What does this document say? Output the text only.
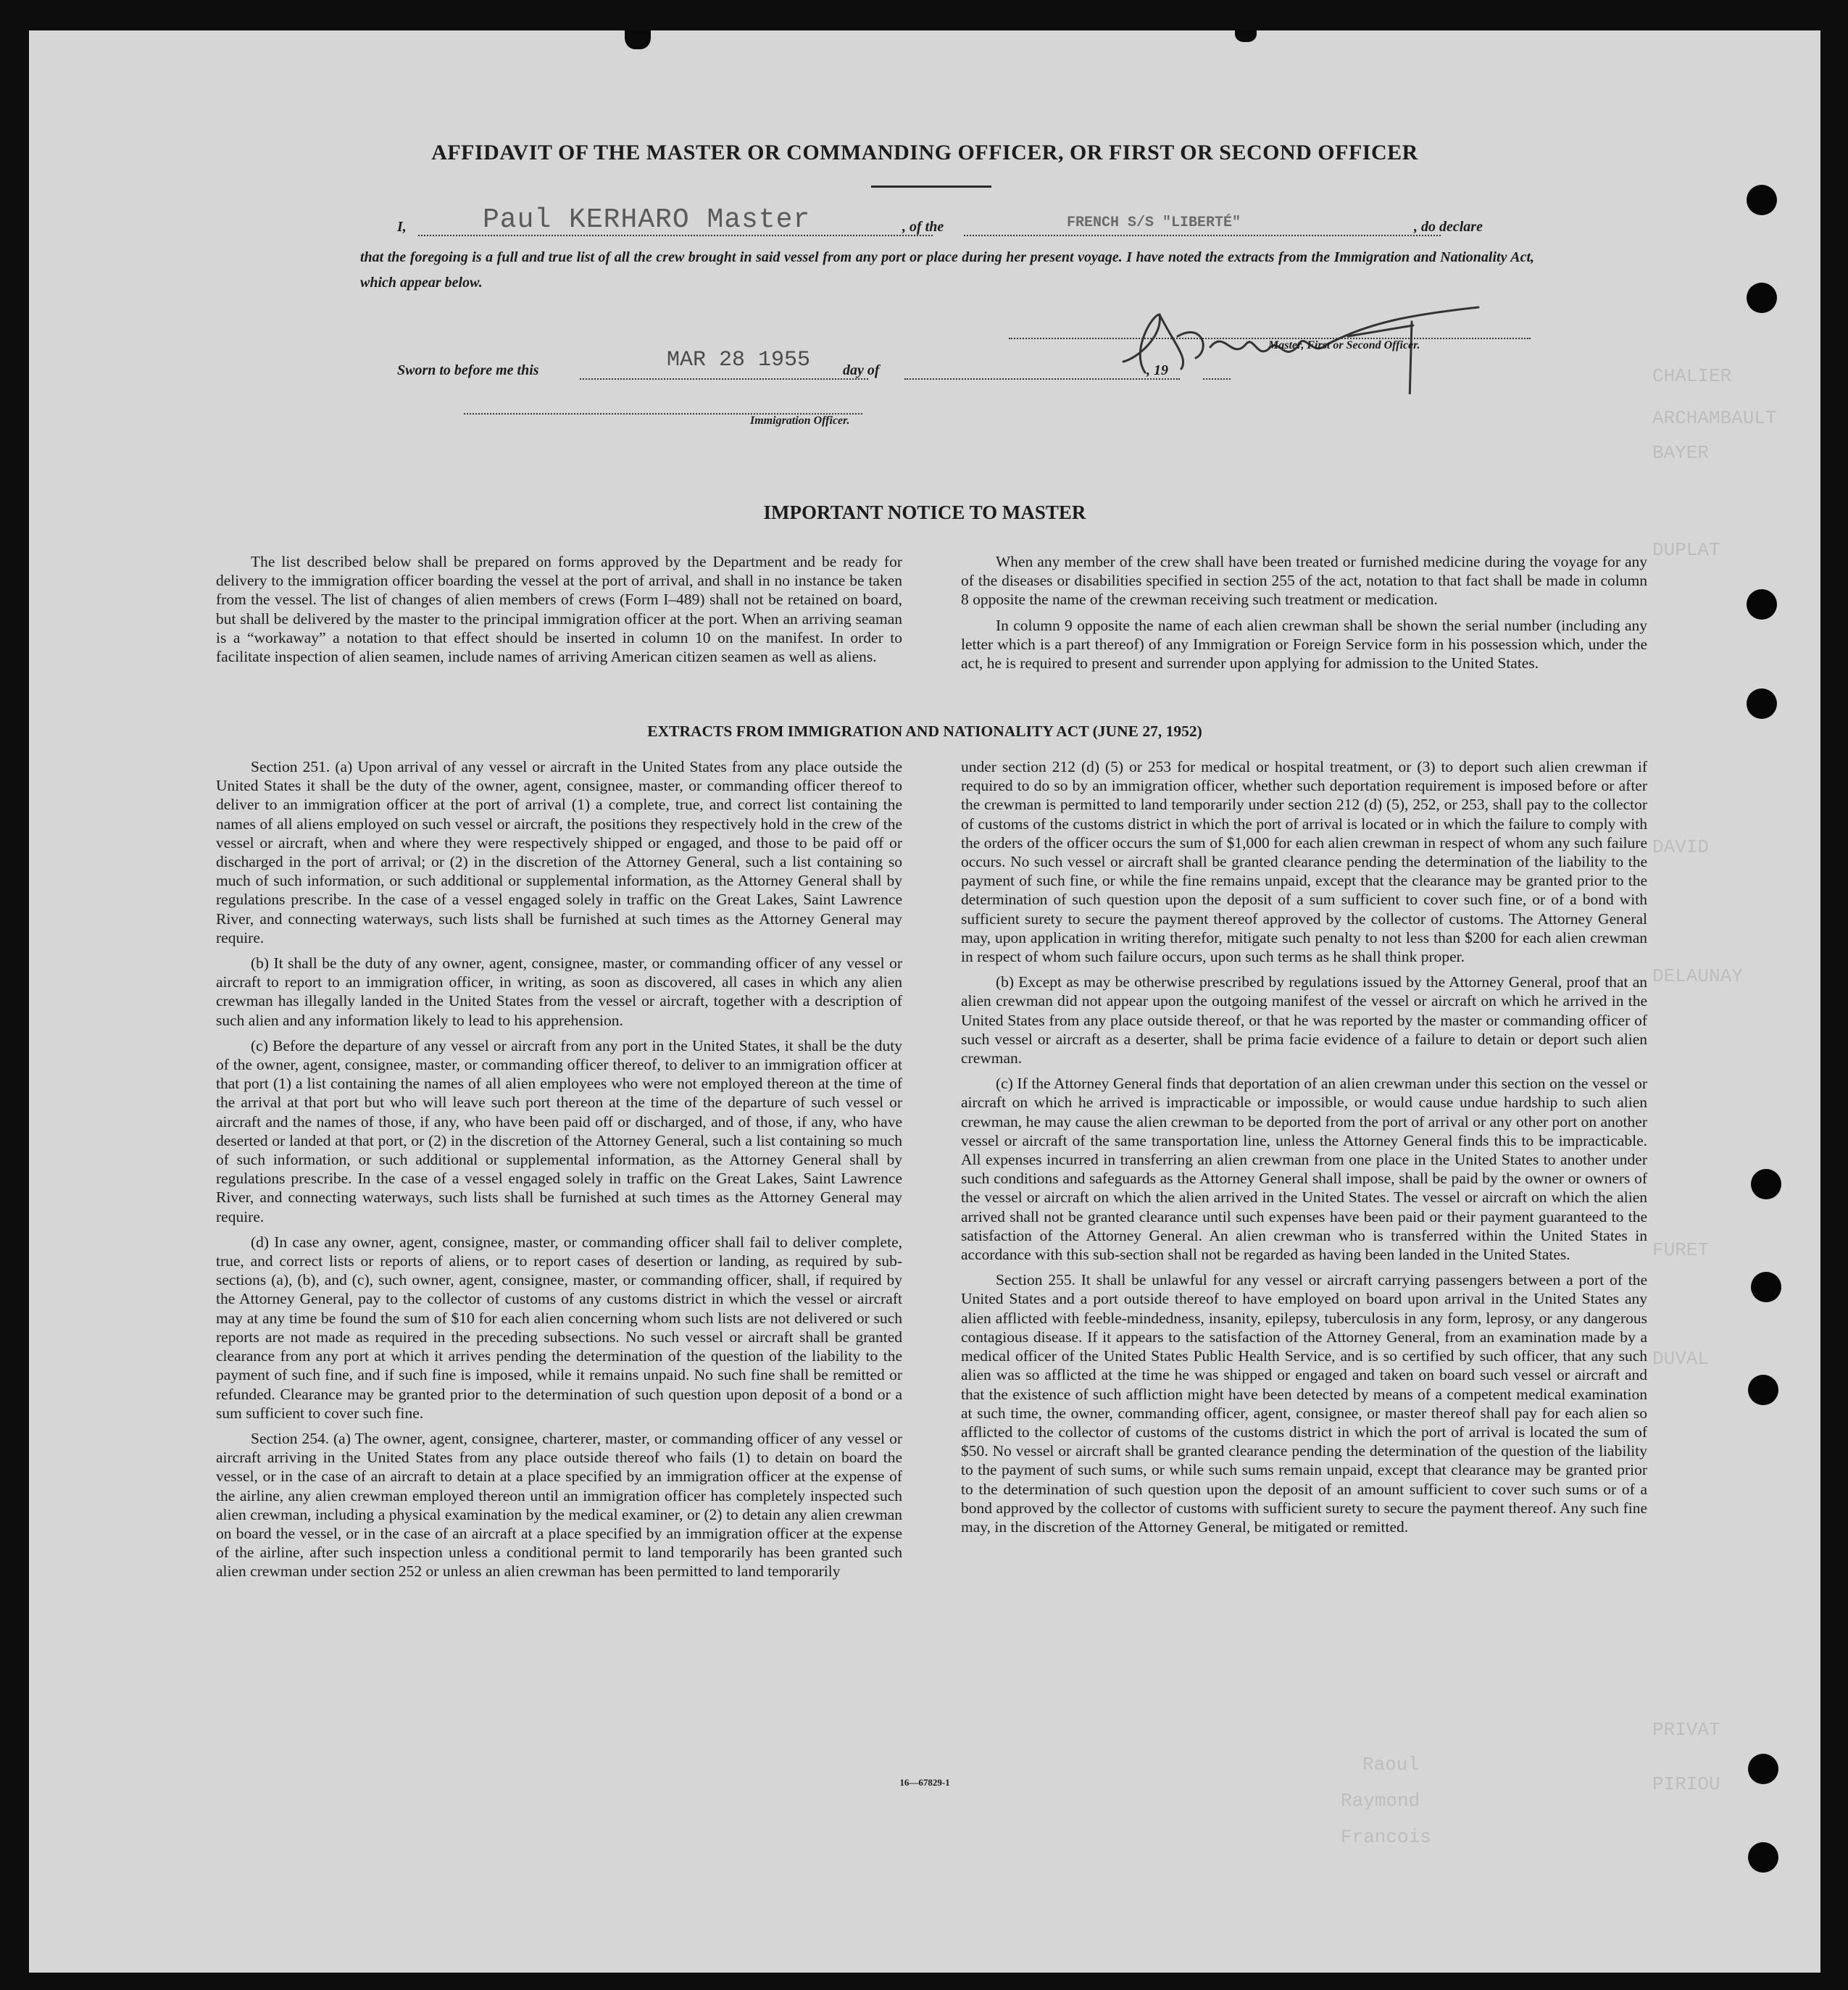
CHALIER
ARCHAMBAULT
BAYER
DUPLAT
DAVID
DELAUNAY
FURET
DUVAL
PRIVAT
PIRIOU
Raoul
Raymond
Francois
AFFIDAVIT OF THE MASTER OR COMMANDING OFFICER, OR FIRST OR SECOND OFFICER
I,	Paul KERHARO Master	, of the	FRENCH S/S "LIBERTÉ"	, do declare

that the foregoing is a full and true list of all the crew brought in said vessel from any port or place during her present voyage. I have noted the extracts from the Immigration and Nationality Act, which appear below.

Master, First or Second Officer.
Sworn to before me this	MAR 28 1955 day of	, 19
Immigration Officer.
IMPORTANT NOTICE TO MASTER

The list described below shall be prepared on forms approved by the Department and be ready for delivery to the immigration officer boarding the vessel at the port of arrival, and shall in no instance be taken from the vessel. The list of changes of alien members of crews (Form I–489) shall not be retained on board, but shall be delivered by the master to the principal immigration officer at the port. When an arriving seaman is a “workaway” a notation to that effect should be inserted in column 10 on the manifest. In order to facilitate inspection of alien seamen, include names of arriving American citizen seamen as well as aliens.

When any member of the crew shall have been treated or furnished medicine during the voyage for any of the diseases or disabilities specified in section 255 of the act, notation to that fact shall be made in column 8 opposite the name of the crewman receiving such treatment or medication.

In column 9 opposite the name of each alien crewman shall be shown the serial number (including any letter which is a part thereof) of any Immigration or Foreign Service form in his possession which, under the act, he is required to present and surrender upon applying for admission to the United States.

EXTRACTS FROM IMMIGRATION AND NATIONALITY ACT (JUNE 27, 1952)

Section 251. (a) Upon arrival of any vessel or aircraft in the United States from any place outside the United States it shall be the duty of the owner, agent, consignee, master, or commanding officer thereof to deliver to an immigration officer at the port of arrival (1) a complete, true, and correct list containing the names of all aliens employed on such vessel or aircraft, the positions they respectively hold in the crew of the vessel or aircraft, when and where they were respectively shipped or engaged, and those to be paid off or discharged in the port of arrival; or (2) in the discretion of the Attorney General, such a list containing so much of such information, or such additional or supplemental information, as the Attorney General shall by regulations prescribe. In the case of a vessel engaged solely in traffic on the Great Lakes, Saint Lawrence River, and connecting waterways, such lists shall be furnished at such times as the Attorney General may require.

(b) It shall be the duty of any owner, agent, consignee, master, or commanding officer of any vessel or aircraft to report to an immigration officer, in writing, as soon as discovered, all cases in which any alien crewman has illegally landed in the United States from the vessel or aircraft, together with a description of such alien and any information likely to lead to his apprehension.

(c) Before the departure of any vessel or aircraft from any port in the United States, it shall be the duty of the owner, agent, consignee, master, or commanding officer thereof, to deliver to an immigration officer at that port (1) a list containing the names of all alien employees who were not employed thereon at the time of the arrival at that port but who will leave such port thereon at the time of the departure of such vessel or aircraft and the names of those, if any, who have been paid off or discharged, and of those, if any, who have deserted or landed at that port, or (2) in the discretion of the Attorney General, such a list containing so much of such information, or such additional or supplemental information, as the Attorney General shall by regulations prescribe. In the case of a vessel engaged solely in traffic on the Great Lakes, Saint Lawrence River, and connecting waterways, such lists shall be furnished at such times as the Attorney General may require.

(d) In case any owner, agent, consignee, master, or commanding officer shall fail to deliver complete, true, and correct lists or reports of aliens, or to report cases of desertion or landing, as required by sub-sections (a), (b), and (c), such owner, agent, consignee, master, or commanding officer, shall, if required by the Attorney General, pay to the collector of customs of any customs district in which the vessel or aircraft may at any time be found the sum of $10 for each alien concerning whom such lists are not delivered or such reports are not made as required in the preceding subsections. No such vessel or aircraft shall be granted clearance from any port at which it arrives pending the determination of the question of the liability to the payment of such fine, and if such fine is imposed, while it remains unpaid. No such fine shall be remitted or refunded. Clearance may be granted prior to the determination of such question upon deposit of a bond or a sum sufficient to cover such fine.

Section 254. (a) The owner, agent, consignee, charterer, master, or commanding officer of any vessel or aircraft arriving in the United States from any place outside thereof who fails (1) to detain on board the vessel, or in the case of an aircraft to detain at a place specified by an immigration officer at the expense of the airline, any alien crewman employed thereon until an immigration officer has completely inspected such alien crewman, including a physical examination by the medical examiner, or (2) to detain any alien crewman on board the vessel, or in the case of an aircraft at a place specified by an immigration officer at the expense of the airline, after such inspection unless a conditional permit to land temporarily has been granted such alien crewman under section 252 or unless an alien crewman has been permitted to land temporarily

under section 212 (d) (5) or 253 for medical or hospital treatment, or (3) to deport such alien crewman if required to do so by an immigration officer, whether such deportation requirement is imposed before or after the crewman is permitted to land temporarily under section 212 (d) (5), 252, or 253, shall pay to the collector of customs of the customs district in which the port of arrival is located or in which the failure to comply with the orders of the officer occurs the sum of $1,000 for each alien crewman in respect of whom any such failure occurs. No such vessel or aircraft shall be granted clearance pending the determination of the liability to the payment of such fine, or while the fine remains unpaid, except that the clearance may be granted prior to the determination of such question upon the deposit of a sum sufficient to cover such fine, or of a bond with sufficient surety to secure the payment thereof approved by the collector of customs. The Attorney General may, upon application in writing therefor, mitigate such penalty to not less than $200 for each alien crewman in respect of whom such failure occurs, upon such terms as he shall think proper.

(b) Except as may be otherwise prescribed by regulations issued by the Attorney General, proof that an alien crewman did not appear upon the outgoing manifest of the vessel or aircraft on which he arrived in the United States from any place outside thereof, or that he was reported by the master or commanding officer of such vessel or aircraft as a deserter, shall be prima facie evidence of a failure to detain or deport such alien crewman.

(c) If the Attorney General finds that deportation of an alien crewman under this section on the vessel or aircraft on which he arrived is impracticable or impossible, or would cause undue hardship to such alien crewman, he may cause the alien crewman to be deported from the port of arrival or any other port on another vessel or aircraft of the same transportation line, unless the Attorney General finds this to be impracticable. All expenses incurred in transferring an alien crewman from one place in the United States to another under such conditions and safeguards as the Attorney General shall impose, shall be paid by the owner or owners of the vessel or aircraft on which the alien arrived in the United States. The vessel or aircraft on which the alien arrived shall not be granted clearance until such expenses have been paid or their payment guaranteed to the satisfaction of the Attorney General. An alien crewman who is transferred within the United States in accordance with this sub-section shall not be regarded as having been landed in the United States.

Section 255. It shall be unlawful for any vessel or aircraft carrying passengers between a port of the United States and a port outside thereof to have employed on board upon arrival in the United States any alien afflicted with feeble-mindedness, insanity, epilepsy, tuberculosis in any form, leprosy, or any dangerous contagious disease. If it appears to the satisfaction of the Attorney General, from an examination made by a medical officer of the United States Public Health Service, and is so certified by such officer, that any such alien was so afflicted at the time he was shipped or engaged and taken on board such vessel or aircraft and that the existence of such affliction might have been detected by means of a competent medical examination at such time, the owner, commanding officer, agent, consignee, or master thereof shall pay for each alien so afflicted to the collector of customs of the customs district in which the port of arrival is located the sum of $50. No vessel or aircraft shall be granted clearance pending the determination of the question of the liability to the payment of such sums, or while such sums remain unpaid, except that clearance may be granted prior to the determination of such question upon the deposit of an amount sufficient to cover such sums or of a bond approved by the collector of customs with sufficient surety to secure the payment thereof. Any such fine may, in the discretion of the Attorney General, be mitigated or remitted.

16—67829-1
